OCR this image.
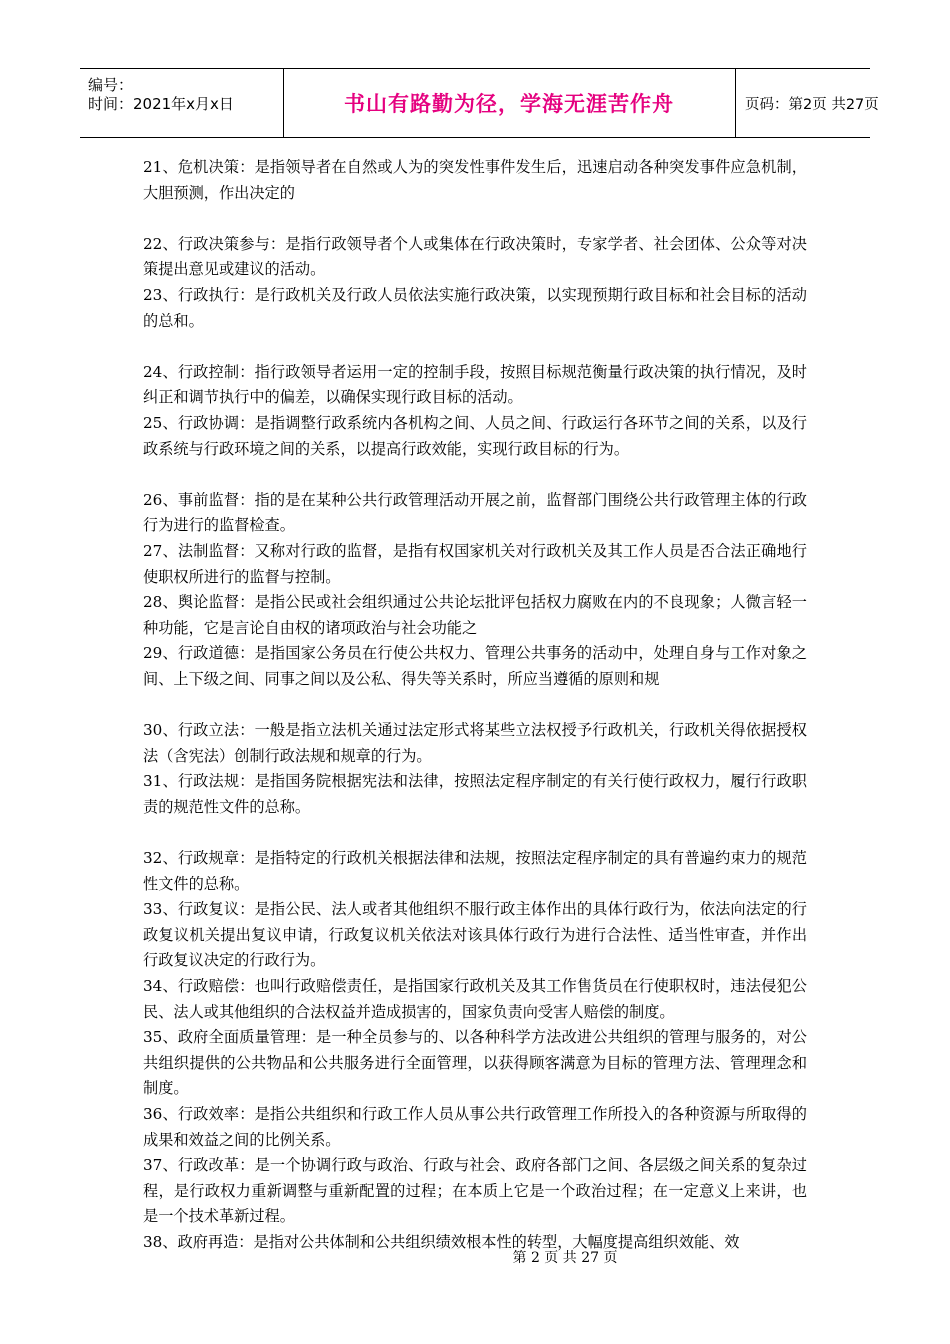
编号：
时间：2021年x月x日	书山有路勤为径，学海无涯苦作舟	页码：第2页 共27页

21、危机决策：是指领导者在自然或人为的突发性事件发生后，迅速启动各种突发事件应急机制，大胆预测，作出决定的

22、行政决策参与：是指行政领导者个人或集体在行政决策时，专家学者、社会团体、公众等对决策提出意见或建议的活动。

23、行政执行：是行政机关及行政人员依法实施行政决策，以实现预期行政目标和社会目标的活动的总和。

24、行政控制：指行政领导者运用一定的控制手段，按照目标规范衡量行政决策的执行情况，及时纠正和调节执行中的偏差，以确保实现行政目标的活动。

25、行政协调：是指调整行政系统内各机构之间、人员之间、行政运行各环节之间的关系，以及行政系统与行政环境之间的关系，以提高行政效能，实现行政目标的行为。

26、事前监督：指的是在某种公共行政管理活动开展之前，监督部门围绕公共行政管理主体的行政行为进行的监督检查。

27、法制监督：又称对行政的监督，是指有权国家机关对行政机关及其工作人员是否合法正确地行使职权所进行的监督与控制。

28、舆论监督：是指公民或社会组织通过公共论坛批评包括权力腐败在内的不良现象；人微言轻一种功能，它是言论自由权的诸项政治与社会功能之

29、行政道德：是指国家公务员在行使公共权力、管理公共事务的活动中，处理自身与工作对象之间、上下级之间、同事之间以及公私、得失等关系时，所应当遵循的原则和规

30、行政立法：一般是指立法机关通过法定形式将某些立法权授予行政机关，行政机关得依据授权法（含宪法）创制行政法规和规章的行为。

31、行政法规：是指国务院根据宪法和法律，按照法定程序制定的有关行使行政权力，履行行政职责的规范性文件的总称。

32、行政规章：是指特定的行政机关根据法律和法规，按照法定程序制定的具有普遍约束力的规范性文件的总称。

33、行政复议：是指公民、法人或者其他组织不服行政主体作出的具体行政行为，依法向法定的行政复议机关提出复议申请，行政复议机关依法对该具体行政行为进行合法性、适当性审查，并作出行政复议决定的行政行为。

34、行政赔偿：也叫行政赔偿责任，是指国家行政机关及其工作售货员在行使职权时，违法侵犯公民、法人或其他组织的合法权益并造成损害的，国家负责向受害人赔偿的制度。

35、政府全面质量管理：是一种全员参与的、以各种科学方法改进公共组织的管理与服务的，对公共组织提供的公共物品和公共服务进行全面管理，以获得顾客满意为目标的管理方法、管理理念和制度。

36、行政效率：是指公共组织和行政工作人员从事公共行政管理工作所投入的各种资源与所取得的成果和效益之间的比例关系。

37、行政改革：是一个协调行政与政治、行政与社会、政府各部门之间、各层级之间关系的复杂过程，是行政权力重新调整与重新配置的过程；在本质上它是一个政治过程；在一定意义上来讲，也是一个技术革新过程。

38、政府再造：是指对公共体制和公共组织绩效根本性的转型，大幅度提高组织效能、效

第 2 页 共 27 页
